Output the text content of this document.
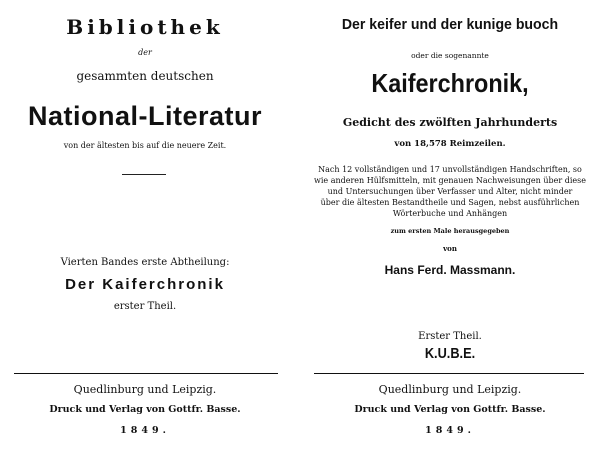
Bibliothek
der
gesammten deutschen
National-Literatur
von der ältesten bis auf die neuere Zeit.
Vierten Bandes erste Abtheilung:
Der Kaiferchronik
erster Theil.
Quedlinburg und Leipzig.
Druck und Verlag von Gottfr. Basse.
1849.
Der keifer und der kunige buoch
oder die sogenannte
Kaiferchronik,
Gedicht des zwölften Jahrhunderts
von 18,578 Reimzeilen.
Nach 12 vollständigen und 17 unvollständigen Handschriften, so
wie anderen Hülfsmitteln, mit genauen Nachweisungen über diese
und Untersuchungen über Verfasser und Alter, nicht minder
über die ältesten Bestandtheile und Sagen, nebst ausführlichen
Wörterbuche und Anhängen
zum ersten Male herausgegeben
von
Hans Ferd. Massmann.
Erster Theil.
K.U.B.E.
Quedlinburg und Leipzig.
Druck und Verlag von Gottfr. Basse.
1849.
